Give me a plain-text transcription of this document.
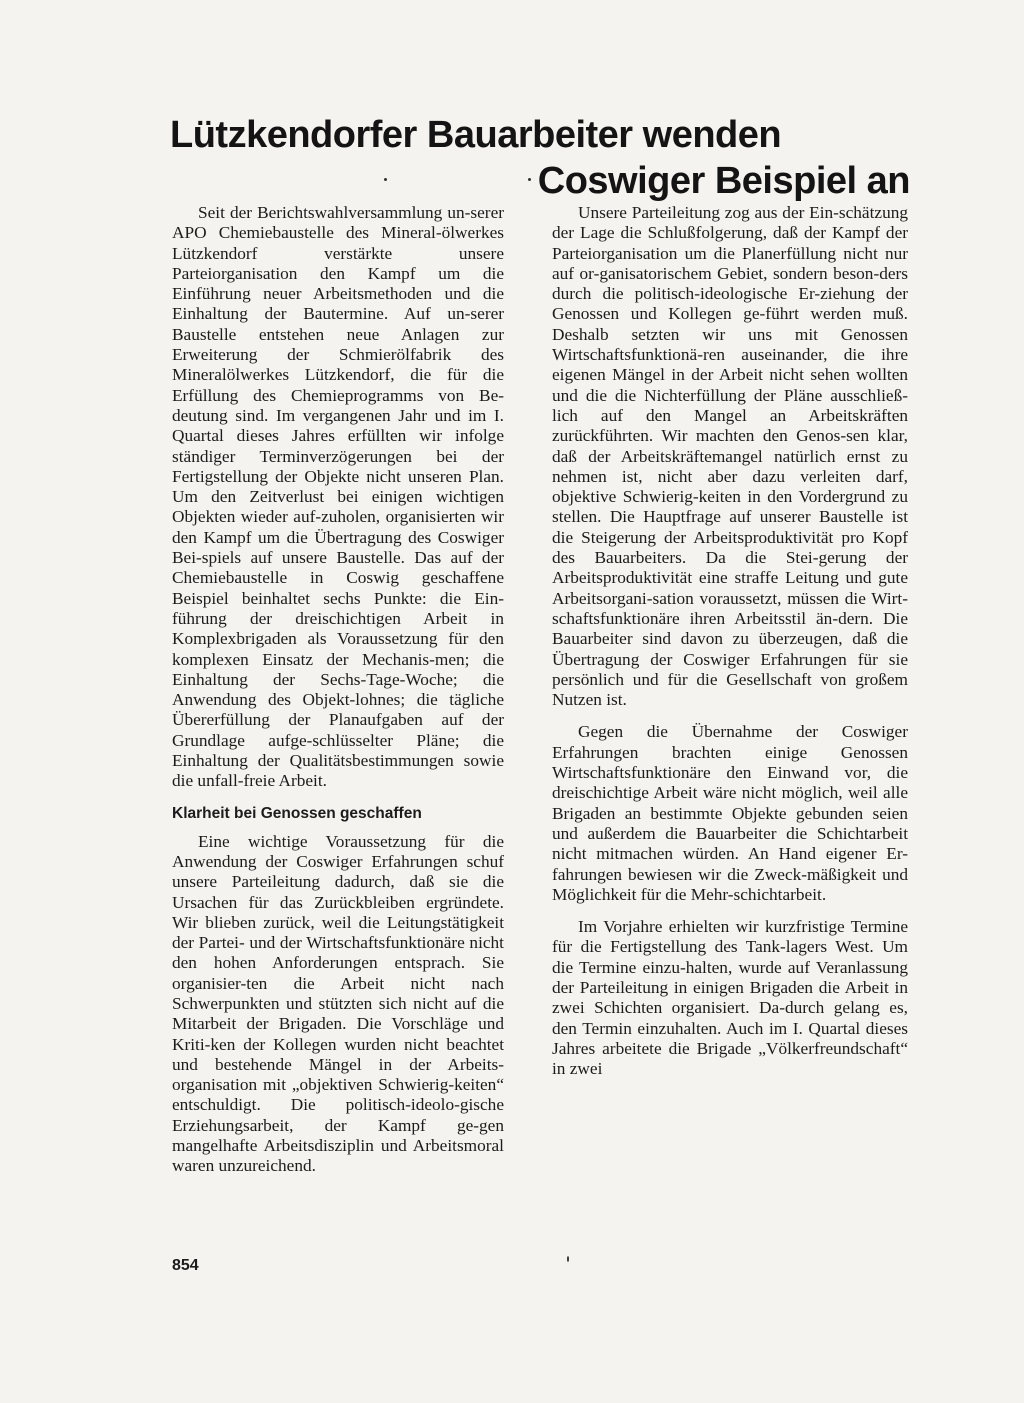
Lützkendorfer Bauarbeiter wenden
Coswiger Beispiel an

Seit der Berichtswahlversammlung un-serer APO Chemiebaustelle des Mineral-ölwerkes Lützkendorf verstärkte unsere Parteiorganisation den Kampf um die Einführung neuer Arbeitsmethoden und die Einhaltung der Bautermine. Auf un-serer Baustelle entstehen neue Anlagen zur Erweiterung der Schmierölfabrik des Mineralölwerkes Lützkendorf, die für die Erfüllung des Chemieprogramms von Be-deutung sind. Im vergangenen Jahr und im I. Quartal dieses Jahres erfüllten wir infolge ständiger Terminverzögerungen bei der Fertigstellung der Objekte nicht unseren Plan. Um den Zeitverlust bei einigen wichtigen Objekten wieder auf-zuholen, organisierten wir den Kampf um die Übertragung des Coswiger Bei-spiels auf unsere Baustelle. Das auf der Chemiebaustelle in Coswig geschaffene Beispiel beinhaltet sechs Punkte: die Ein-führung der dreischichtigen Arbeit in Komplexbrigaden als Voraussetzung für den komplexen Einsatz der Mechanis-men; die Einhaltung der Sechs-Tage-Woche; die Anwendung des Objekt-lohnes; die tägliche Übererfüllung der Planaufgaben auf der Grundlage aufge-schlüsselter Pläne; die Einhaltung der Qualitätsbestimmungen sowie die unfall-freie Arbeit.

Klarheit bei Genossen geschaffen

Eine wichtige Voraussetzung für die Anwendung der Coswiger Erfahrungen schuf unsere Parteileitung dadurch, daß sie die Ursachen für das Zurückbleiben ergründete. Wir blieben zurück, weil die Leitungstätigkeit der Partei- und der Wirtschaftsfunktionäre nicht den hohen Anforderungen entsprach. Sie organisier-ten die Arbeit nicht nach Schwerpunkten und stützten sich nicht auf die Mitarbeit der Brigaden. Die Vorschläge und Kriti-ken der Kollegen wurden nicht beachtet und bestehende Mängel in der Arbeits-organisation mit „objektiven Schwierig-keiten“ entschuldigt. Die politisch-ideolo-gische Erziehungsarbeit, der Kampf ge-gen mangelhafte Arbeitsdisziplin und Arbeitsmoral waren unzureichend.

Unsere Parteileitung zog aus der Ein-schätzung der Lage die Schlußfolgerung, daß der Kampf der Parteiorganisation um die Planerfüllung nicht nur auf or-ganisatorischem Gebiet, sondern beson-ders durch die politisch-ideologische Er-ziehung der Genossen und Kollegen ge-führt werden muß. Deshalb setzten wir uns mit Genossen Wirtschaftsfunktionä-ren auseinander, die ihre eigenen Mängel in der Arbeit nicht sehen wollten und die die Nichterfüllung der Pläne ausschließ-lich auf den Mangel an Arbeitskräften zurückführten. Wir machten den Genos-sen klar, daß der Arbeitskräftemangel natürlich ernst zu nehmen ist, nicht aber dazu verleiten darf, objektive Schwierig-keiten in den Vordergrund zu stellen. Die Hauptfrage auf unserer Baustelle ist die Steigerung der Arbeitsproduktivität pro Kopf des Bauarbeiters. Da die Stei-gerung der Arbeitsproduktivität eine straffe Leitung und gute Arbeitsorgani-sation voraussetzt, müssen die Wirt-schaftsfunktionäre ihren Arbeitsstil än-dern. Die Bauarbeiter sind davon zu überzeugen, daß die Übertragung der Coswiger Erfahrungen für sie persönlich und für die Gesellschaft von großem Nutzen ist.

Gegen die Übernahme der Coswiger Erfahrungen brachten einige Genossen Wirtschaftsfunktionäre den Einwand vor, die dreischichtige Arbeit wäre nicht möglich, weil alle Brigaden an bestimmte Objekte gebunden seien und außerdem die Bauarbeiter die Schichtarbeit nicht mitmachen würden. An Hand eigener Er-fahrungen bewiesen wir die Zweck-mäßigkeit und Möglichkeit für die Mehr-schichtarbeit.

Im Vorjahre erhielten wir kurzfristige Termine für die Fertigstellung des Tank-lagers West. Um die Termine einzu-halten, wurde auf Veranlassung der Parteileitung in einigen Brigaden die Arbeit in zwei Schichten organisiert. Da-durch gelang es, den Termin einzuhalten. Auch im I. Quartal dieses Jahres arbeitete die Brigade „Völkerfreundschaft“ in zwei

854
